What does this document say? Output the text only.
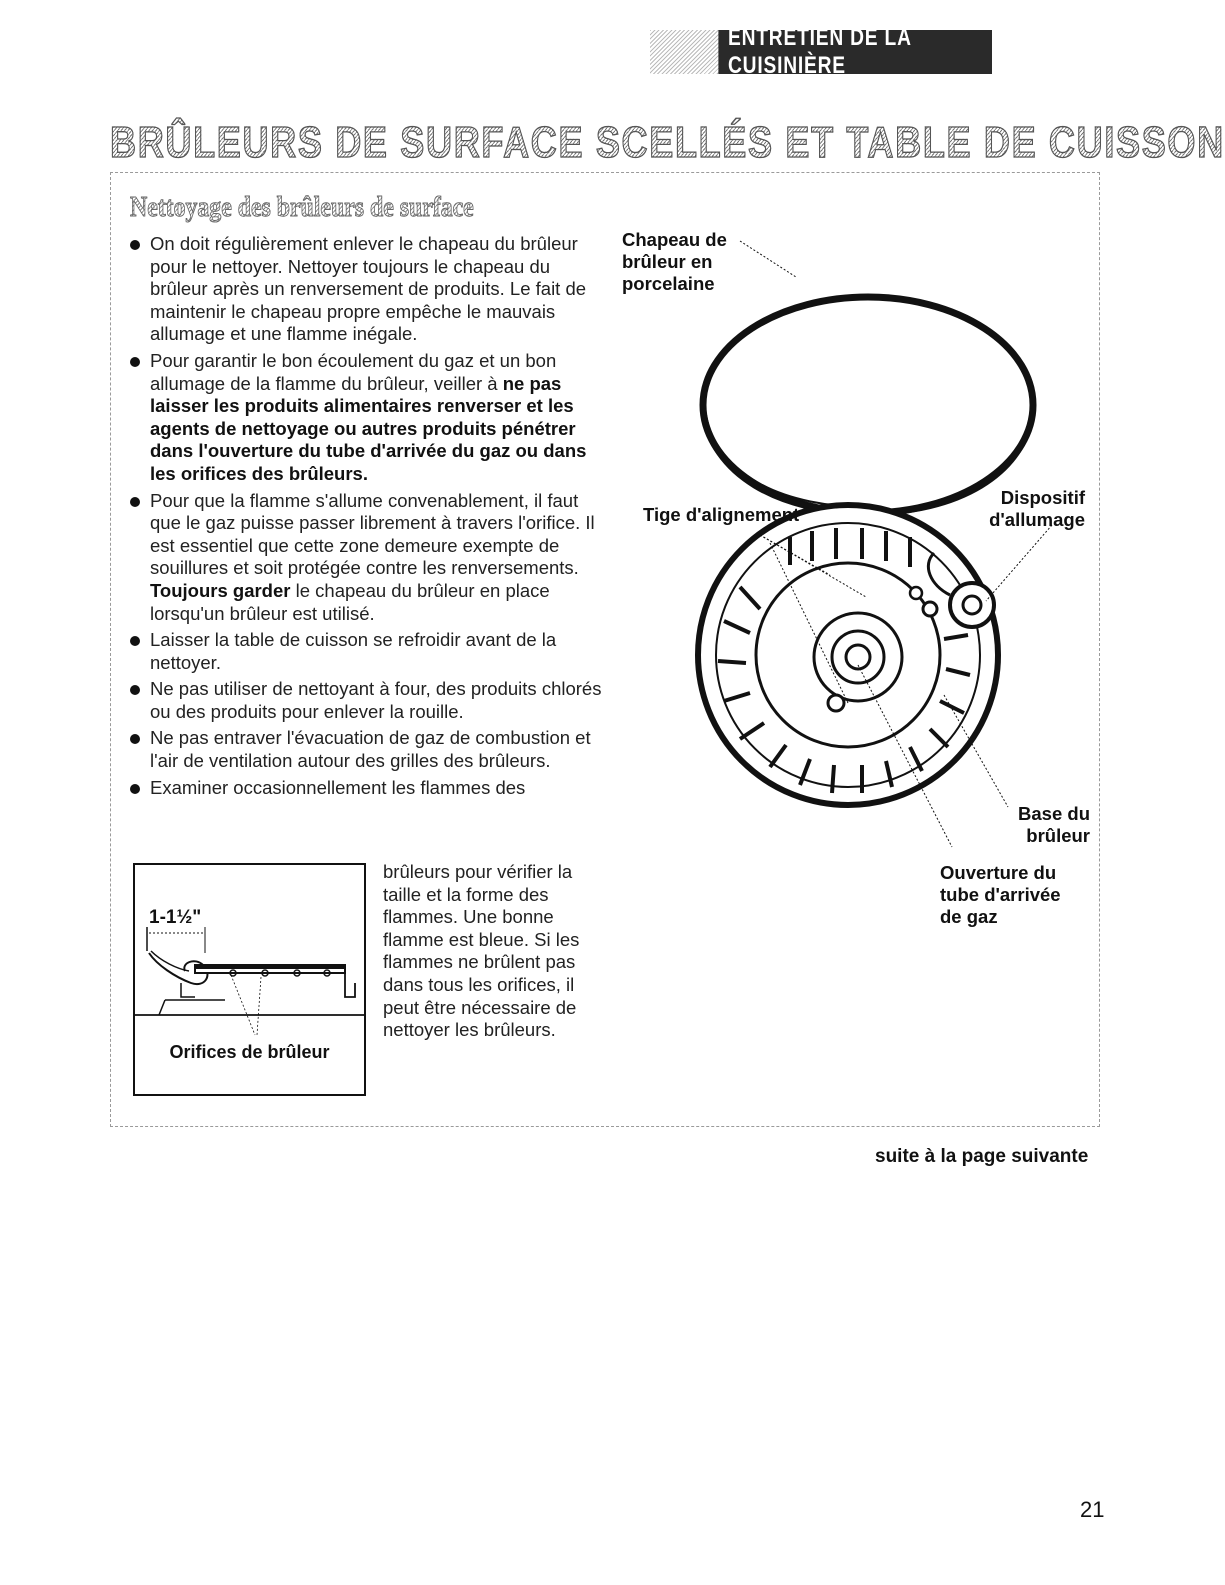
ENTRETIEN DE LA CUISINIÈRE
BRÛLEURS DE SURFACE SCELLÉS ET TABLE DE CUISSON
Nettoyage des brûleurs de surface
On doit régulièrement enlever le chapeau du brûleur pour le nettoyer. Nettoyer toujours le chapeau du brûleur après un renversement de produits. Le fait de maintenir le chapeau propre empêche le mauvais allumage et une flamme inégale.
Pour garantir le bon écoulement du gaz et un bon allumage de la flamme du brûleur, veiller à ne pas laisser les produits alimentaires renverser et les agents de nettoyage ou autres produits pénétrer dans l'ouverture du tube d'arrivée du gaz ou dans les orifices des brûleurs.
Pour que la flamme s'allume convenablement, il faut que le gaz puisse passer librement à travers l'orifice. Il est essentiel que cette zone demeure exempte de souillures et soit protégée contre les renversements. Toujours garder le chapeau du brûleur en place lorsqu'un brûleur est utilisé.
Laisser la table de cuisson se refroidir avant de la nettoyer.
Ne pas utiliser de nettoyant à four, des produits chlorés ou des produits pour enlever la rouille.
Ne pas entraver l'évacuation de gaz de combustion et l'air de ventilation autour des grilles des brûleurs.
Examiner occasionnellement les flammes des
brûleurs pour vérifier la taille et la forme des flammes. Une bonne flamme est bleue. Si les flammes ne brûlent pas dans tous les orifices, il peut être nécessaire de nettoyer les brûleurs.
1-1½"
Orifices de brûleur
Chapeau de
brûleur en
porcelaine
Tige d'alignement
Dispositif
d'allumage
Base du
brûleur
Ouverture du
tube d'arrivée
de gaz
suite à la page suivante
21
